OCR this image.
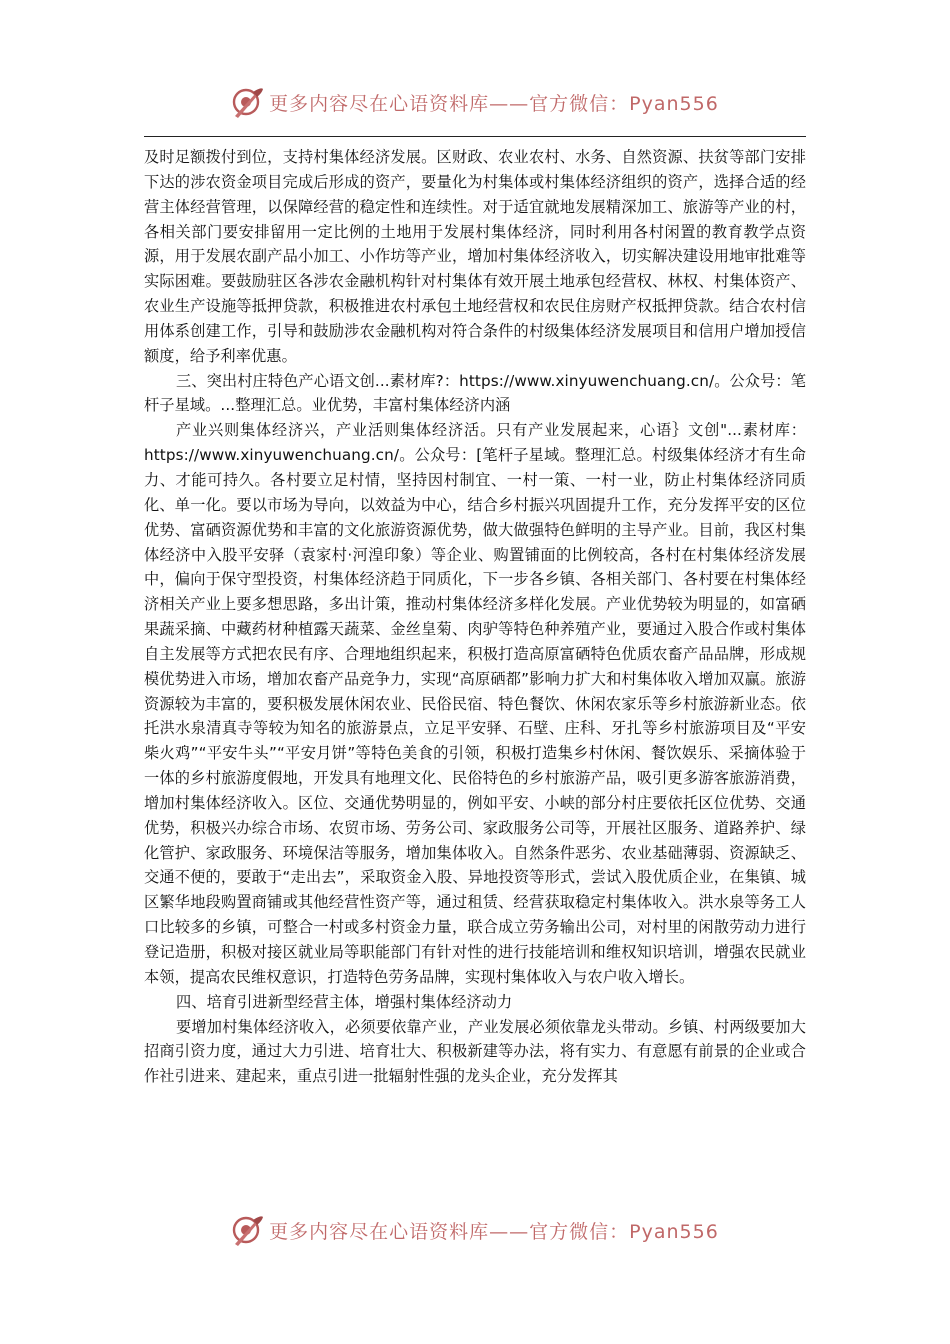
更多内容尽在心语资料库——官方微信：Pyan556

及时足额拨付到位，支持村集体经济发展。区财政、农业农村、水务、自然资源、扶贫等部门安排下达的涉农资金项目完成后形成的资产，要量化为村集体或村集体经济组织的资产，选择合适的经营主体经营管理，以保障经营的稳定性和连续性。对于适宜就地发展精深加工、旅游等产业的村，各相关部门要安排留用一定比例的土地用于发展村集体经济，同时利用各村闲置的教育教学点资源，用于发展农副产品小加工、小作坊等产业，增加村集体经济收入，切实解决建设用地审批难等实际困难。要鼓励驻区各涉农金融机构针对村集体有效开展土地承包经营权、林权、村集体资产、农业生产设施等抵押贷款，积极推进农村承包土地经营权和农民住房财产权抵押贷款。结合农村信用体系创建工作，引导和鼓励涉农金融机构对符合条件的村级集体经济发展项目和信用户增加授信额度，给予利率优惠。

三、突出村庄特色产心语文创...素材库?：https://www.xinyuwenchuang.cn/。公众号：笔杆子星域。...整理汇总。业优势，丰富村集体经济内涵

产业兴则集体经济兴，产业活则集体经济活。只有产业发展起来，心语｝文创"...素材库：https://www.xinyuwenchuang.cn/。公众号：[笔杆子星域。整理汇总。村级集体经济才有生命力、才能可持久。各村要立足村情，坚持因村制宜、一村一策、一村一业，防止村集体经济同质化、单一化。要以市场为导向，以效益为中心，结合乡村振兴巩固提升工作，充分发挥平安的区位优势、富硒资源优势和丰富的文化旅游资源优势，做大做强特色鲜明的主导产业。目前，我区村集体经济中入股平安驿（袁家村·河湟印象）等企业、购置铺面的比例较高，各村在村集体经济发展中，偏向于保守型投资，村集体经济趋于同质化，下一步各乡镇、各相关部门、各村要在村集体经济相关产业上要多想思路，多出计策，推动村集体经济多样化发展。产业优势较为明显的，如富硒果蔬采摘、中藏药材种植露天蔬菜、金丝皇菊、肉驴等特色种养殖产业，要通过入股合作或村集体自主发展等方式把农民有序、合理地组织起来，积极打造高原富硒特色优质农畜产品品牌，形成规模优势进入市场，增加农畜产品竞争力，实现“高原硒都”影响力扩大和村集体收入增加双赢。旅游资源较为丰富的，要积极发展休闲农业、民俗民宿、特色餐饮、休闲农家乐等乡村旅游新业态。依托洪水泉清真寺等较为知名的旅游景点，立足平安驿、石壁、庄科、牙扎等乡村旅游项目及“平安柴火鸡”“平安牛头”“平安月饼”等特色美食的引领，积极打造集乡村休闲、餐饮娱乐、采摘体验于一体的乡村旅游度假地，开发具有地理文化、民俗特色的乡村旅游产品，吸引更多游客旅游消费，增加村集体经济收入。区位、交通优势明显的，例如平安、小峡的部分村庄要依托区位优势、交通优势，积极兴办综合市场、农贸市场、劳务公司、家政服务公司等，开展社区服务、道路养护、绿化管护、家政服务、环境保洁等服务，增加集体收入。自然条件恶劣、农业基础薄弱、资源缺乏、交通不便的，要敢于“走出去”，采取资金入股、异地投资等形式，尝试入股优质企业，在集镇、城区繁华地段购置商铺或其他经营性资产等，通过租赁、经营获取稳定村集体收入。洪水泉等务工人口比较多的乡镇，可整合一村或多村资金力量，联合成立劳务输出公司，对村里的闲散劳动力进行登记造册，积极对接区就业局等职能部门有针对性的进行技能培训和维权知识培训，增强农民就业本领，提高农民维权意识，打造特色劳务品牌，实现村集体收入与农户收入增长。

四、培育引进新型经营主体，增强村集体经济动力

要增加村集体经济收入，必须要依靠产业，产业发展必须依靠龙头带动。乡镇、村两级要加大招商引资力度，通过大力引进、培育壮大、积极新建等办法，将有实力、有意愿有前景的企业或合作社引进来、建起来，重点引进一批辐射性强的龙头企业，充分发挥其

更多内容尽在心语资料库——官方微信：Pyan556
